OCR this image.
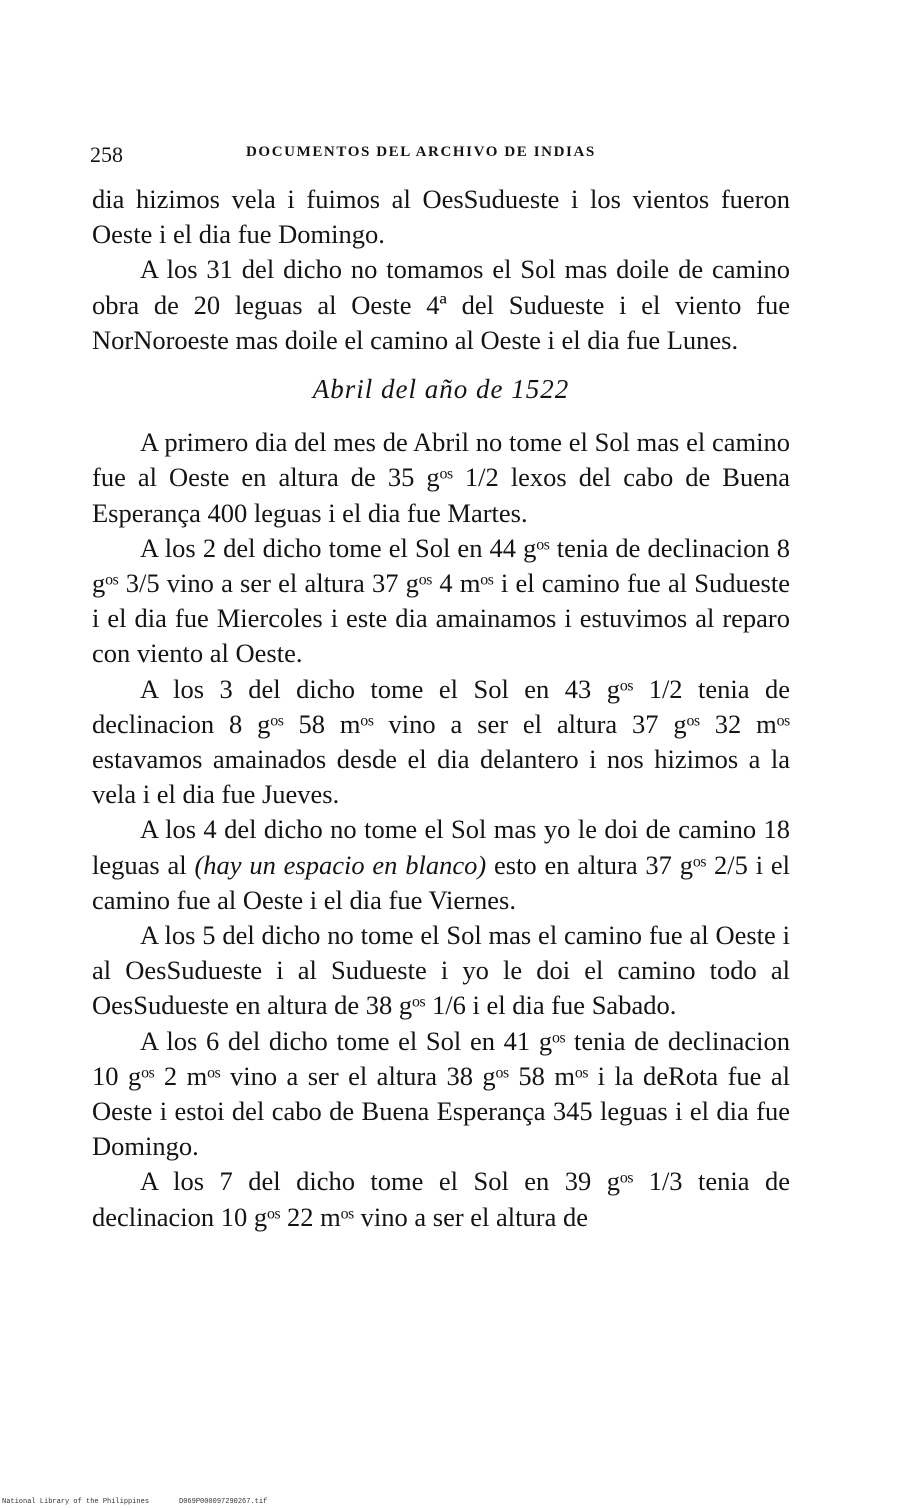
258	DOCUMENTOS DEL ARCHIVO DE INDIAS

dia hizimos vela i fuimos al OesSudueste i los vientos fueron Oeste i el dia fue Domingo.

A los 31 del dicho no tomamos el Sol mas doile de camino obra de 20 leguas al Oeste 4ª del Sudueste i el viento fue NorNoroeste mas doile el camino al Oeste i el dia fue Lunes.

Abril del año de 1522

A primero dia del mes de Abril no tome el Sol mas el camino fue al Oeste en altura de 35 gᵒˢ 1/2 lexos del cabo de Buena Esperança 400 leguas i el dia fue Martes.

A los 2 del dicho tome el Sol en 44 gᵒˢ tenia de declinacion 8 gᵒˢ 3/5 vino a ser el altura 37 gᵒˢ 4 mᵒˢ i el camino fue al Sudueste i el dia fue Miercoles i este dia amainamos i estuvimos al reparo con viento al Oeste.

A los 3 del dicho tome el Sol en 43 gᵒˢ 1/2 tenia de declinacion 8 gᵒˢ 58 mᵒˢ vino a ser el altura 37 gᵒˢ 32 mᵒˢ estavamos amainados desde el dia delantero i nos hizimos a la vela i el dia fue Jueves.

A los 4 del dicho no tome el Sol mas yo le doi de camino 18 leguas al (hay un espacio en blanco) esto en altura 37 gᵒˢ 2/5 i el camino fue al Oeste i el dia fue Viernes.

A los 5 del dicho no tome el Sol mas el camino fue al Oeste i al OesSudueste i al Sudueste i yo le doi el camino todo al OesSudueste en altura de 38 gᵒˢ 1/6 i el dia fue Sabado.

A los 6 del dicho tome el Sol en 41 gᵒˢ tenia de declinacion 10 gᵒˢ 2 mᵒˢ vino a ser el altura 38 gᵒˢ 58 mᵒˢ i la deRota fue al Oeste i estoi del cabo de Buena Esperança 345 leguas i el dia fue Domingo.

A los 7 del dicho tome el Sol en 39 gᵒˢ 1/3 tenia de declinacion 10 gᵒˢ 22 mᵒˢ vino a ser el altura de

National Library of the Philippines	D069P000097290267.tif
